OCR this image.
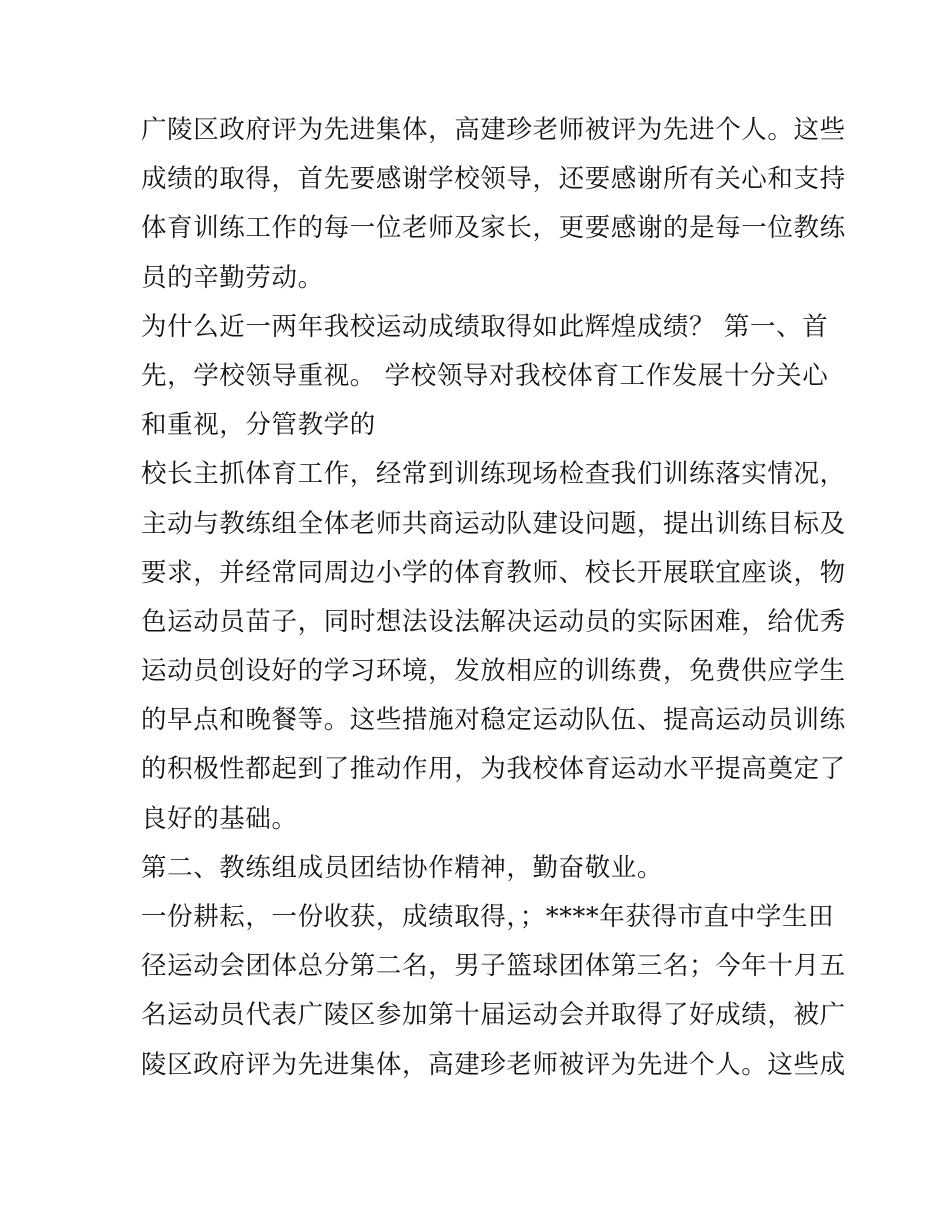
广陵区政府评为先进集体，高建珍老师被评为先进个人。这些
成绩的取得，首先要感谢学校领导，还要感谢所有关心和支持
体育训练工作的每一位老师及家长，更要感谢的是每一位教练
员的辛勤劳动。
为什么近一两年我校运动成绩取得如此辉煌成绩？ 第一、首
先，学校领导重视。 学校领导对我校体育工作发展十分关心
和重视，分管教学的
校长主抓体育工作，经常到训练现场检查我们训练落实情况，
主动与教练组全体老师共商运动队建设问题，提出训练目标及
要求，并经常同周边小学的体育教师、校长开展联宜座谈，物
色运动员苗子，同时想法设法解决运动员的实际困难，给优秀
运动员创设好的学习环境，发放相应的训练费，免费供应学生
的早点和晚餐等。这些措施对稳定运动队伍、提高运动员训练
的积极性都起到了推动作用，为我校体育运动水平提高奠定了
良好的基础。
第二、教练组成员团结协作精神，勤奋敬业。
一份耕耘，一份收获，成绩取得，；****年获得市直中学生田
径运动会团体总分第二名，男子篮球团体第三名；今年十月五
名运动员代表广陵区参加第十届运动会并取得了好成绩，被广
陵区政府评为先进集体，高建珍老师被评为先进个人。这些成
